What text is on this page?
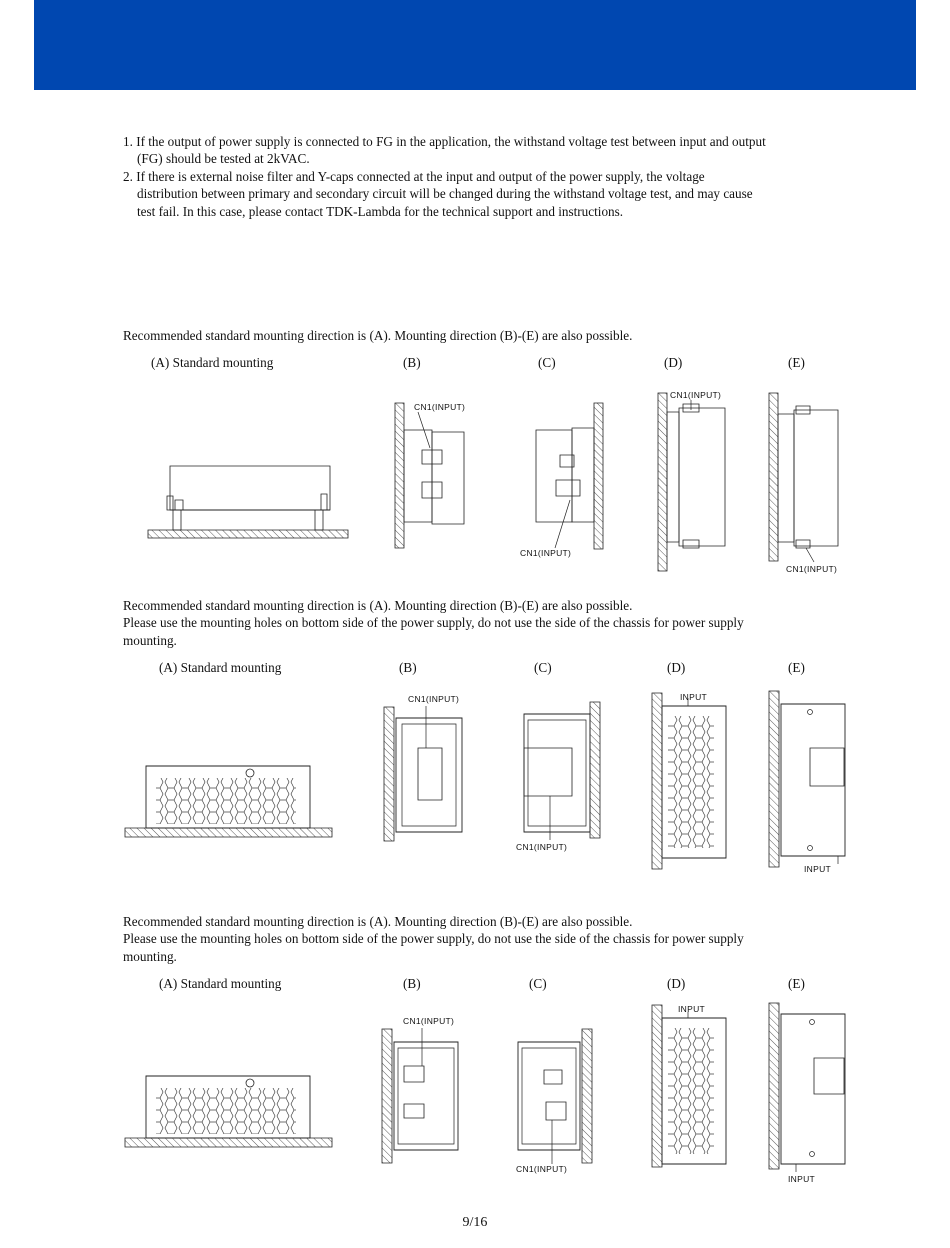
1. If the output of power supply is connected to FG in the application, the withstand voltage test between input and output
(FG) should be tested at 2kVAC.
2. If there is external noise filter and Y-caps connected at the input and output of the power supply, the voltage
distribution between primary and secondary circuit will be changed during the withstand voltage test, and may cause
test fail. In this case, please contact TDK-Lambda for the technical support and instructions.
Recommended standard mounting direction is (A). Mounting direction (B)-(E) are also possible.
(A) Standard mounting	(B)	(C)	(D)	(E)
CN1(INPUT)
CN1(INPUT)
CN1(INPUT)
CN1(INPUT)
Recommended standard mounting direction is (A). Mounting direction (B)-(E) are also possible.
Please use the mounting holes on bottom side of the power supply, do not use the side of the chassis for power supply
mounting.
(A) Standard mounting	(B)	(C)	(D)	(E)
CN1(INPUT)
CN1(INPUT)
INPUT
INPUT
Recommended standard mounting direction is (A). Mounting direction (B)-(E) are also possible.
Please use the mounting holes on bottom side of the power supply, do not use the side of the chassis for power supply
mounting.
(A) Standard mounting	(B)	(C)	(D)	(E)
CN1(INPUT)
CN1(INPUT)
INPUT
INPUT
9/16
